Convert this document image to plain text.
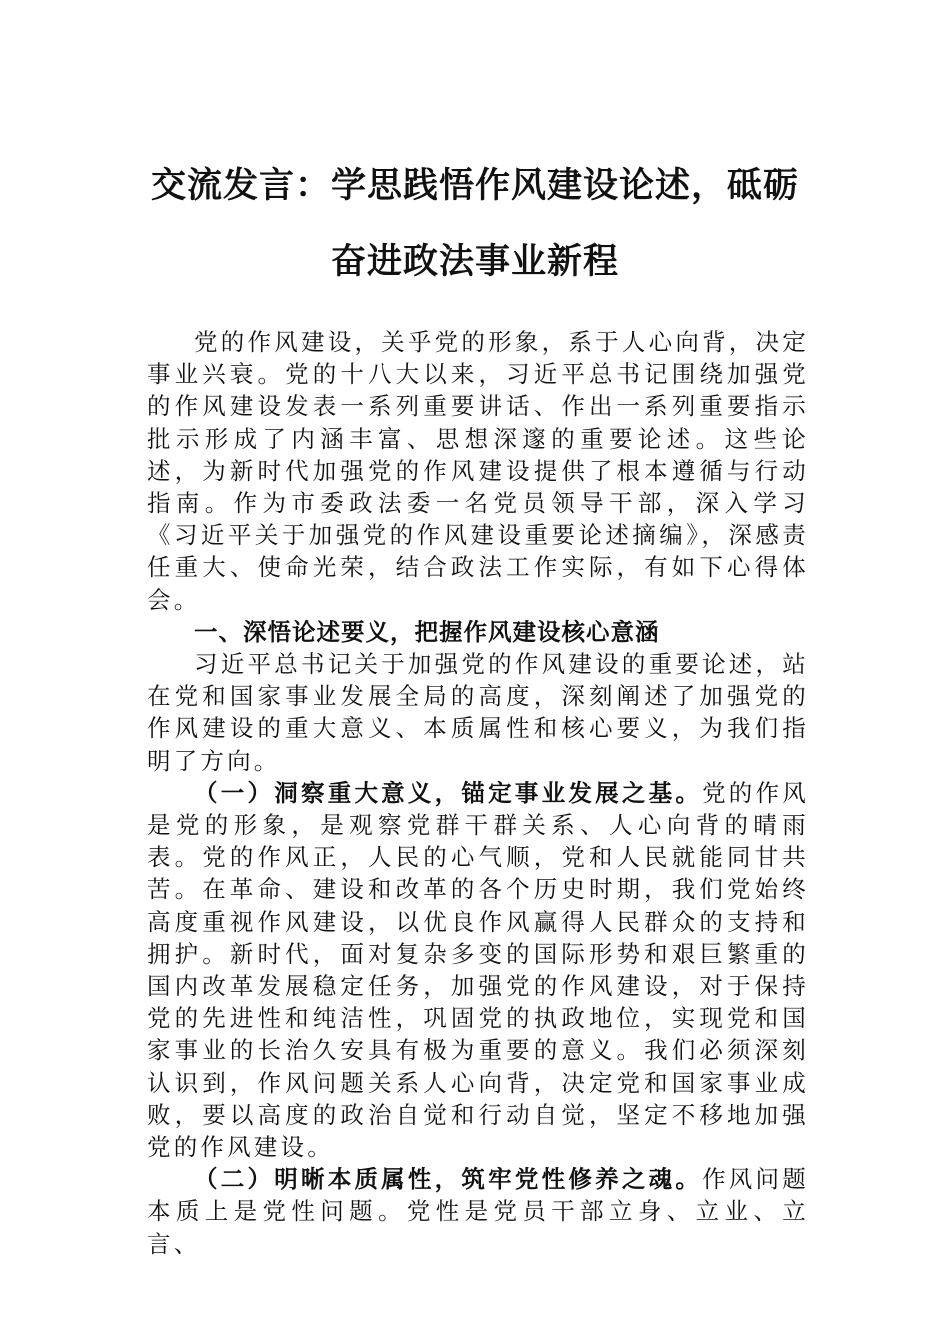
交流发言：学思践悟作风建设论述，砥砺奋进政法事业新程

党的作风建设，关乎党的形象，系于人心向背，决定事业兴衰。党的十八大以来，习近平总书记围绕加强党的作风建设发表一系列重要讲话、作出一系列重要指示批示形成了内涵丰富、思想深邃的重要论述。这些论述，为新时代加强党的作风建设提供了根本遵循与行动指南。作为市委政法委一名党员领导干部，深入学习《习近平关于加强党的作风建设重要论述摘编》，深感责任重大、使命光荣，结合政法工作实际，有如下心得体会。

一、深悟论述要义，把握作风建设核心意涵

习近平总书记关于加强党的作风建设的重要论述，站在党和国家事业发展全局的高度，深刻阐述了加强党的作风建设的重大意义、本质属性和核心要义，为我们指明了方向。

（一）洞察重大意义，锚定事业发展之基。党的作风是党的形象，是观察党群干群关系、人心向背的晴雨表。党的作风正，人民的心气顺，党和人民就能同甘共苦。在革命、建设和改革的各个历史时期，我们党始终高度重视作风建设，以优良作风赢得人民群众的支持和拥护。新时代，面对复杂多变的国际形势和艰巨繁重的国内改革发展稳定任务，加强党的作风建设，对于保持党的先进性和纯洁性，巩固党的执政地位，实现党和国家事业的长治久安具有极为重要的意义。我们必须深刻认识到，作风问题关系人心向背，决定党和国家事业成败，要以高度的政治自觉和行动自觉，坚定不移地加强党的作风建设。

（二）明晰本质属性，筑牢党性修养之魂。作风问题本质上是党性问题。党性是党员干部立身、立业、立言、
